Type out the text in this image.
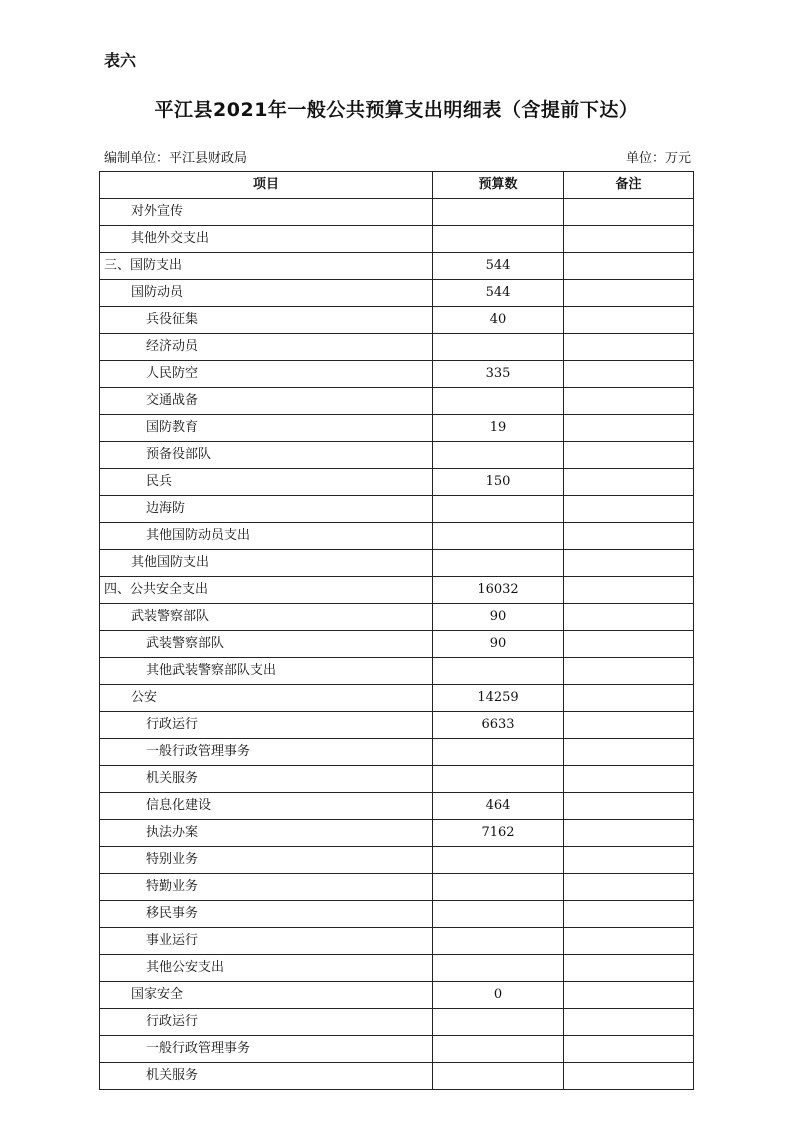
表六
平江县2021年一般公共预算支出明细表（含提前下达）
编制单位：平江县财政局	单位：万元
项目	预算数	备注
对外宣传		
其他外交支出		
三、国防支出	544	
国防动员	544	
兵役征集	40	
经济动员		
人民防空	335	
交通战备		
国防教育	19	
预备役部队		
民兵	150	
边海防		
其他国防动员支出		
其他国防支出		
四、公共安全支出	16032	
武装警察部队	90	
武装警察部队	90	
其他武装警察部队支出		
公安	14259	
行政运行	6633	
一般行政管理事务		
机关服务		
信息化建设	464	
执法办案	7162	
特别业务		
特勤业务		
移民事务		
事业运行		
其他公安支出		
国家安全	0	
行政运行		
一般行政管理事务		
机关服务		
